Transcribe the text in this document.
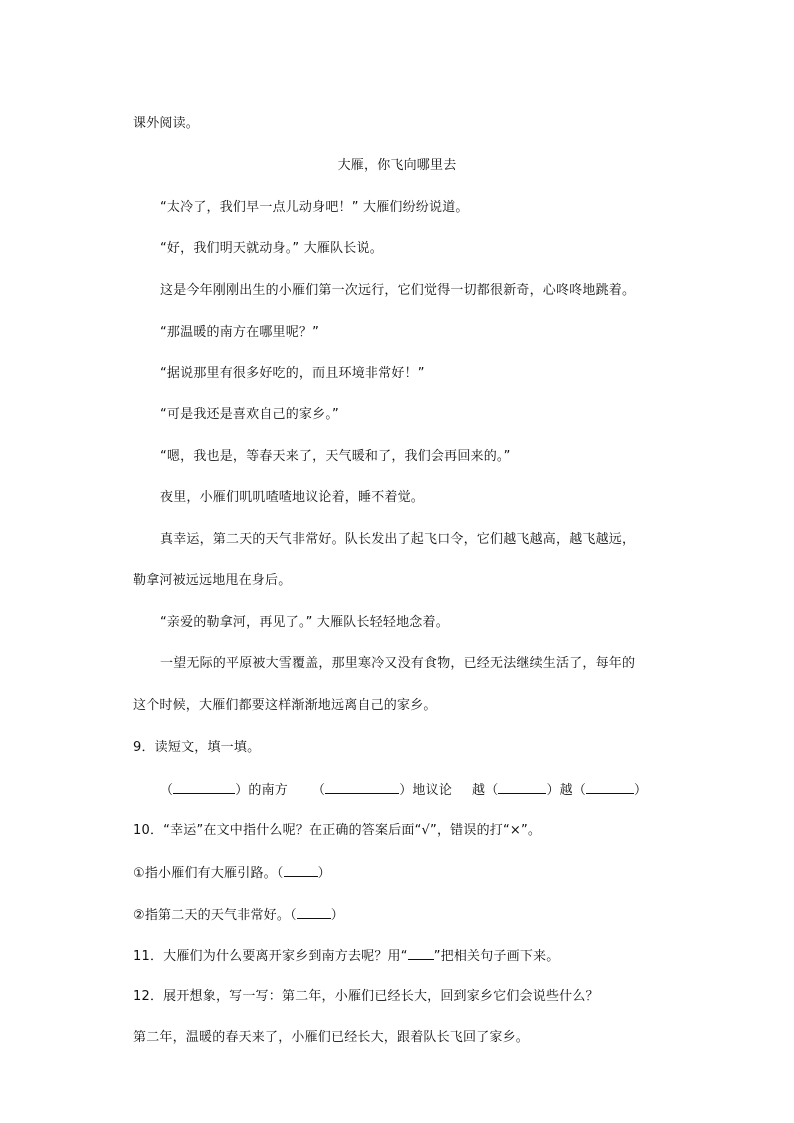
课外阅读。
大雁，你飞向哪里去
“太冷了，我们早一点儿动身吧！” 大雁们纷纷说道。
“好，我们明天就动身。” 大雁队长说。
这是今年刚刚出生的小雁们第一次远行，它们觉得一切都很新奇，心咚咚地跳着。
“那温暖的南方在哪里呢？”
“据说那里有很多好吃的，而且环境非常好！”
“可是我还是喜欢自己的家乡。”
“嗯，我也是，等春天来了，天气暖和了，我们会再回来的。”
夜里，小雁们叽叽喳喳地议论着，睡不着觉。
真幸运，第二天的天气非常好。队长发出了起飞口令，它们越飞越高，越飞越远，
勒拿河被远远地甩在身后。
“亲爱的勒拿河，再见了。” 大雁队长轻轻地念着。
一望无际的平原被大雪覆盖，那里寒冷又没有食物，已经无法继续生活了，每年的
这个时候，大雁们都要这样渐渐地远离自己的家乡。
9．读短文，填一填。
（	）的南方 （	）地议论 越（	）越（	）
10．“幸运”在文中指什么呢？在正确的答案后面“√”，错误的打“×”。
①指小雁们有大雁引路。（	）
②指第二天的天气非常好。（	）
11．大雁们为什么要离开家乡到南方去呢？用“ ”把相关句子画下来。
12．展开想象，写一写：第二年，小雁们已经长大，回到家乡它们会说些什么？
第二年，温暖的春天来了，小雁们已经长大，跟着队长飞回了家乡。
